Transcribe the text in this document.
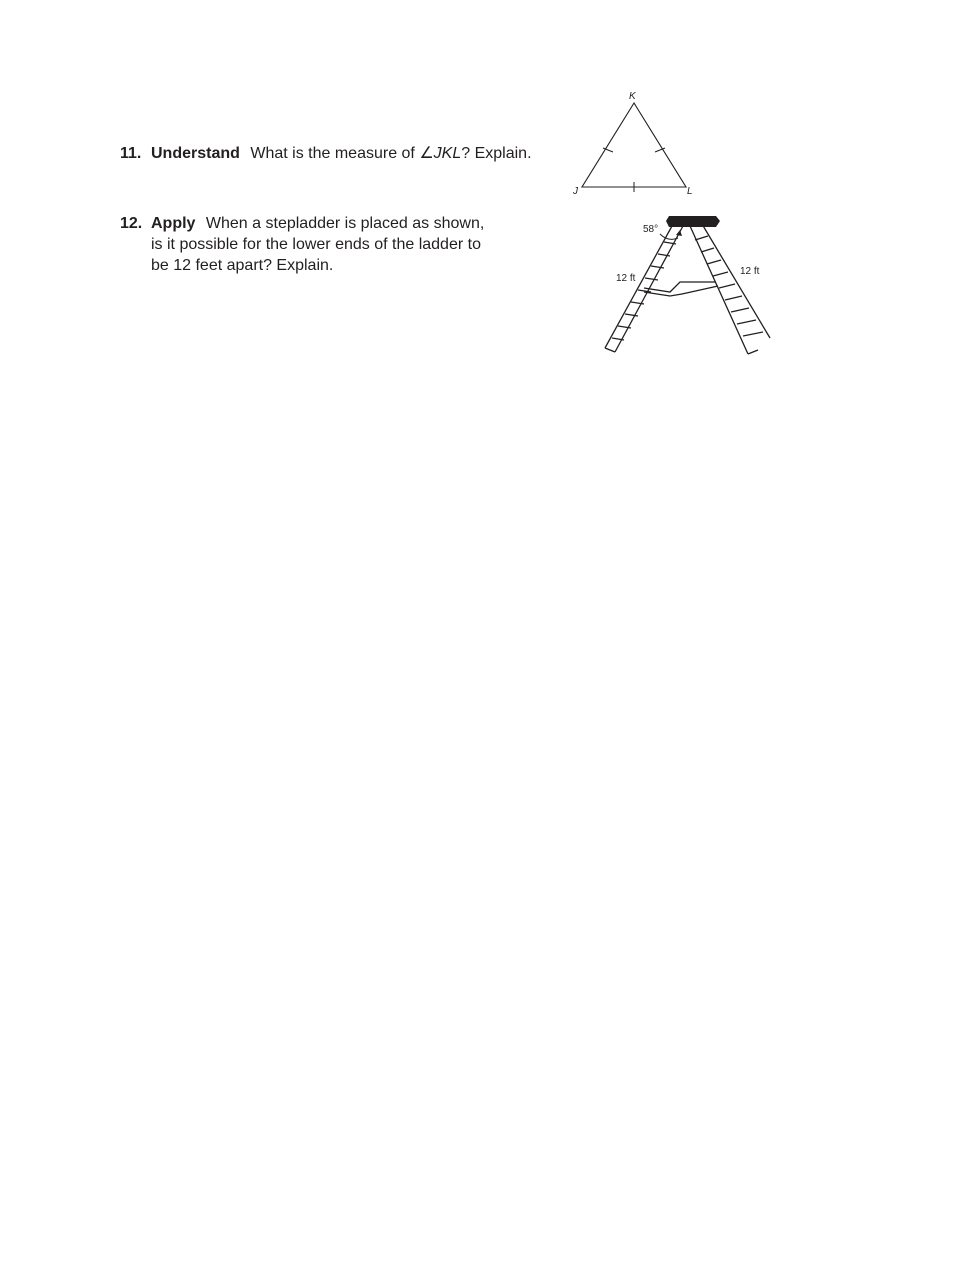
11. Understand What is the measure of ∠JKL? Explain.
12. Apply When a stepladder is placed as shown,
is it possible for the lower ends of the ladder to
be 12 feet apart? Explain.
K
J	L
58°
12 ft
12 ft
